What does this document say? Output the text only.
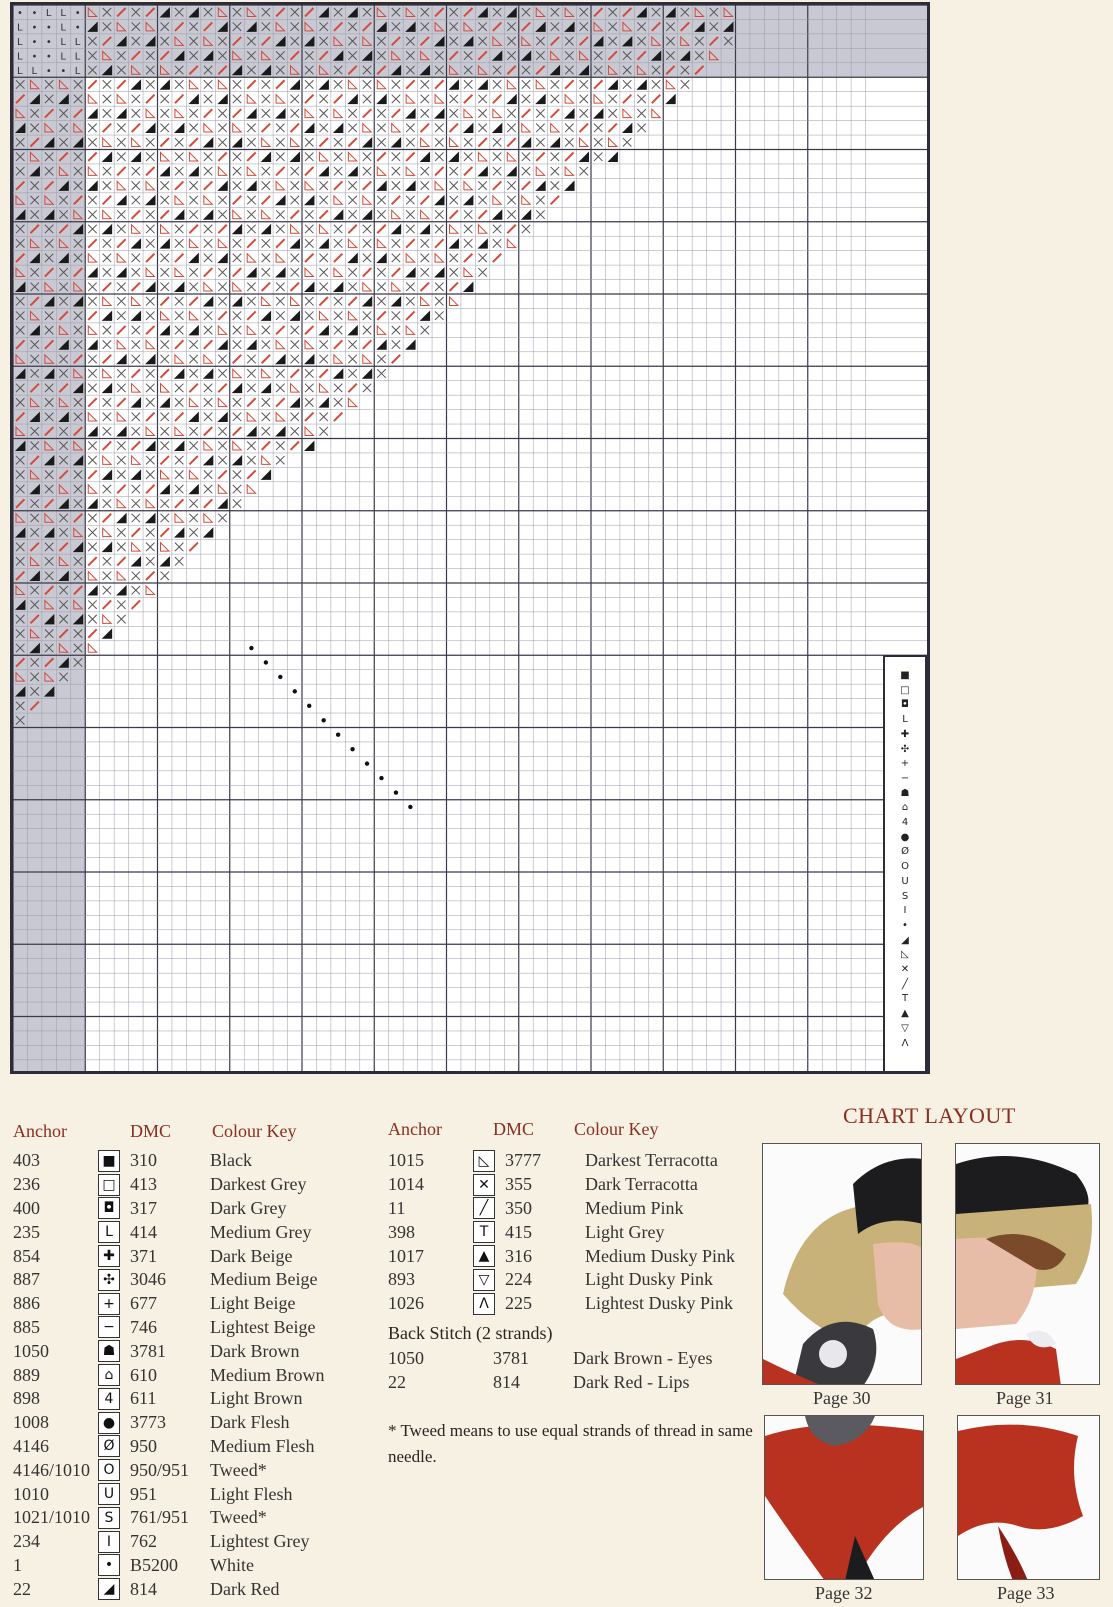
• • L L •
L • • L •
L • • L L
L • • L L
L L • • L
■
□
◘
L
✚
✣
+
−
☗
⌂
4
●
Ø
O
U
S
I
•
◢
◺
✕
╱
T
▲
▽
Λ
Anchor	DMC Colour Key
403	■ 310	Black
236	□ 413	Darkest Grey
400	◘ 317	Dark Grey
235	L 414	Medium Grey
854	✚ 371	Dark Beige
887	✣ 3046	Medium Beige
886	+ 677	Light Beige
885	− 746	Lightest Beige
1050	☗ 3781	Dark Brown
889	⌂ 610	Medium Brown
898	4 611	Light Brown
1008	● 3773	Dark Flesh
4146	Ø 950	Medium Flesh
4146/1010 O 950/951	Tweed*
1010	U 951	Light Flesh
1021/1010	S 761/951	Tweed*
234	I	762	Lightest Grey
1	• B5200	White
22	◢ 814	Dark Red
Anchor	DMC Colour Key
1015	◺ 3777	Darkest Terracotta
1014	✕ 355	Dark Terracotta
11	╱ 350	Medium Pink
398	T 415	Light Grey
1017	▲ 316	Medium Dusky Pink
893	▽ 224	Light Dusky Pink
1026	Λ 225	Lightest Dusky Pink
Back Stitch (2 strands)
1050	3781	Dark Brown - Eyes
22	814	Dark Red - Lips
* Tweed means to use equal strands of thread in same needle.
CHART LAYOUT
Page 30	Page 31
Page 32	Page 33
